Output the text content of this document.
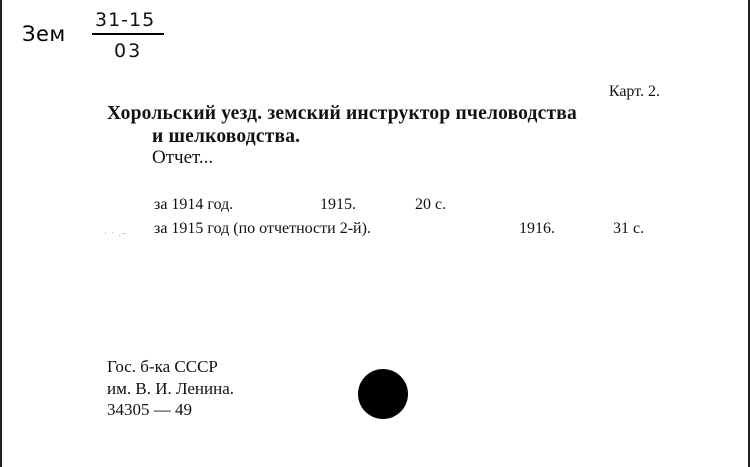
Зем
31-15
03
Карт. 2.
Хорольский уезд. земский инструктор пчеловодства
и шелководства.
Отчет...
за 1914 год.	1915.	20 с.
· · .– за 1915 год (по отчетности 2-й).	1916.	31 с.
Гос. б-ка СССР
им. В. И. Ленина.
34305 — 49
